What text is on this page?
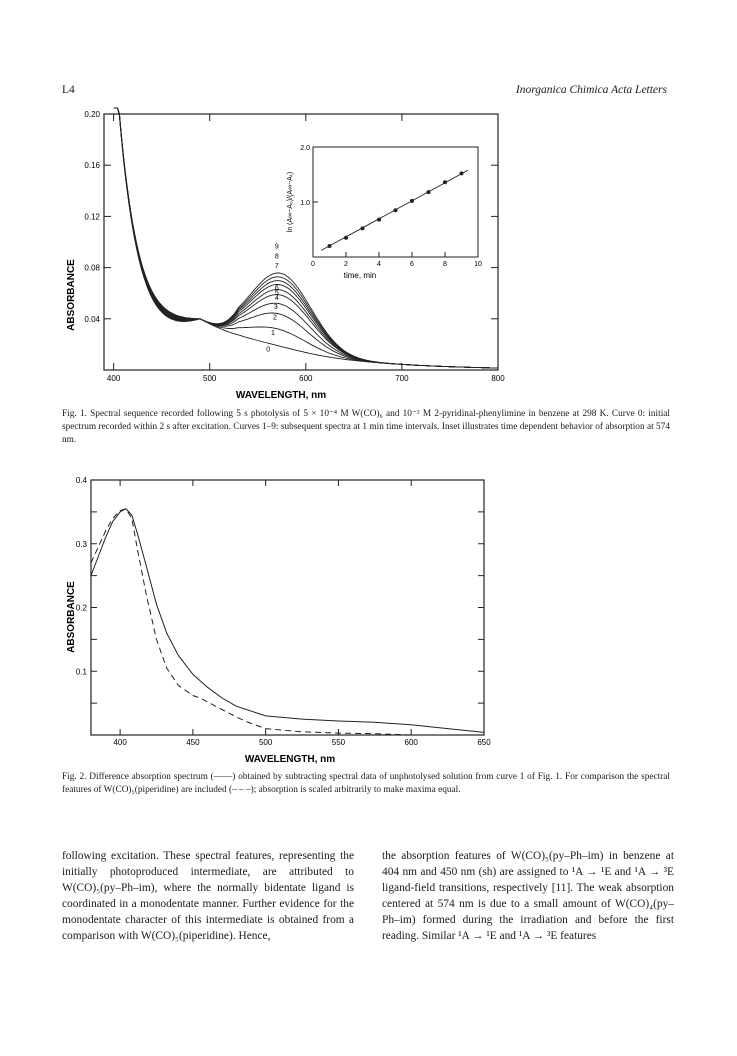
L4	Inorganica Chimica Acta Letters
400	500	600	700	800
0.04
0.08
0.12
0.16
0.20
0
1
2
3
4
5
6
7
8
9
0	2	4	6	8	10
1.0
2.0
time, min
ln (A∞−A₀)/(A∞−Aₜ)
ABSORBANCE
WAVELENGTH, nm
Fig. 1. Spectral sequence recorded following 5 s photolysis of 5 × 10⁻⁴ M W(CO)₆ and 10⁻² M 2-pyridinal-phenylimine in benzene at 298 K. Curve 0: initial spectrum recorded within 2 s after excitation. Curves 1–9: subsequent spectra at 1 min time intervals. Inset illustrates time dependent behavior of absorption at 574 nm.
400	450	500	550	600	650
0.1
0.2
0.3
0.4
ABSORBANCE
WAVELENGTH, nm
Fig. 2. Difference absorption spectrum (——) obtained by subtracting spectral data of unphotolysed solution from curve 1 of Fig. 1. For comparison the spectral features of W(CO)₅(piperidine) are included (– – –); absorption is scaled arbitrarily to make maxima equal.

following excitation. These spectral features, representing the initially photoproduced intermediate, are attributed to W(CO)₅(py–Ph–im), where the normally bidentate ligand is coordinated in a monodentate manner. Further evidence for the monodentate character of this intermediate is obtained from a comparison with W(CO)₅(piperidine). Hence,

the absorption features of W(CO)₅(py–Ph–im) in benzene at 404 nm and 450 nm (sh) are assigned to ¹A → ¹E and ¹A → ³E ligand-field transitions, respectively [11]. The weak absorption centered at 574 nm is due to a small amount of W(CO)₄(py–Ph–im) formed during the irradiation and before the first reading. Similar ¹A → ¹E and ¹A → ³E features
